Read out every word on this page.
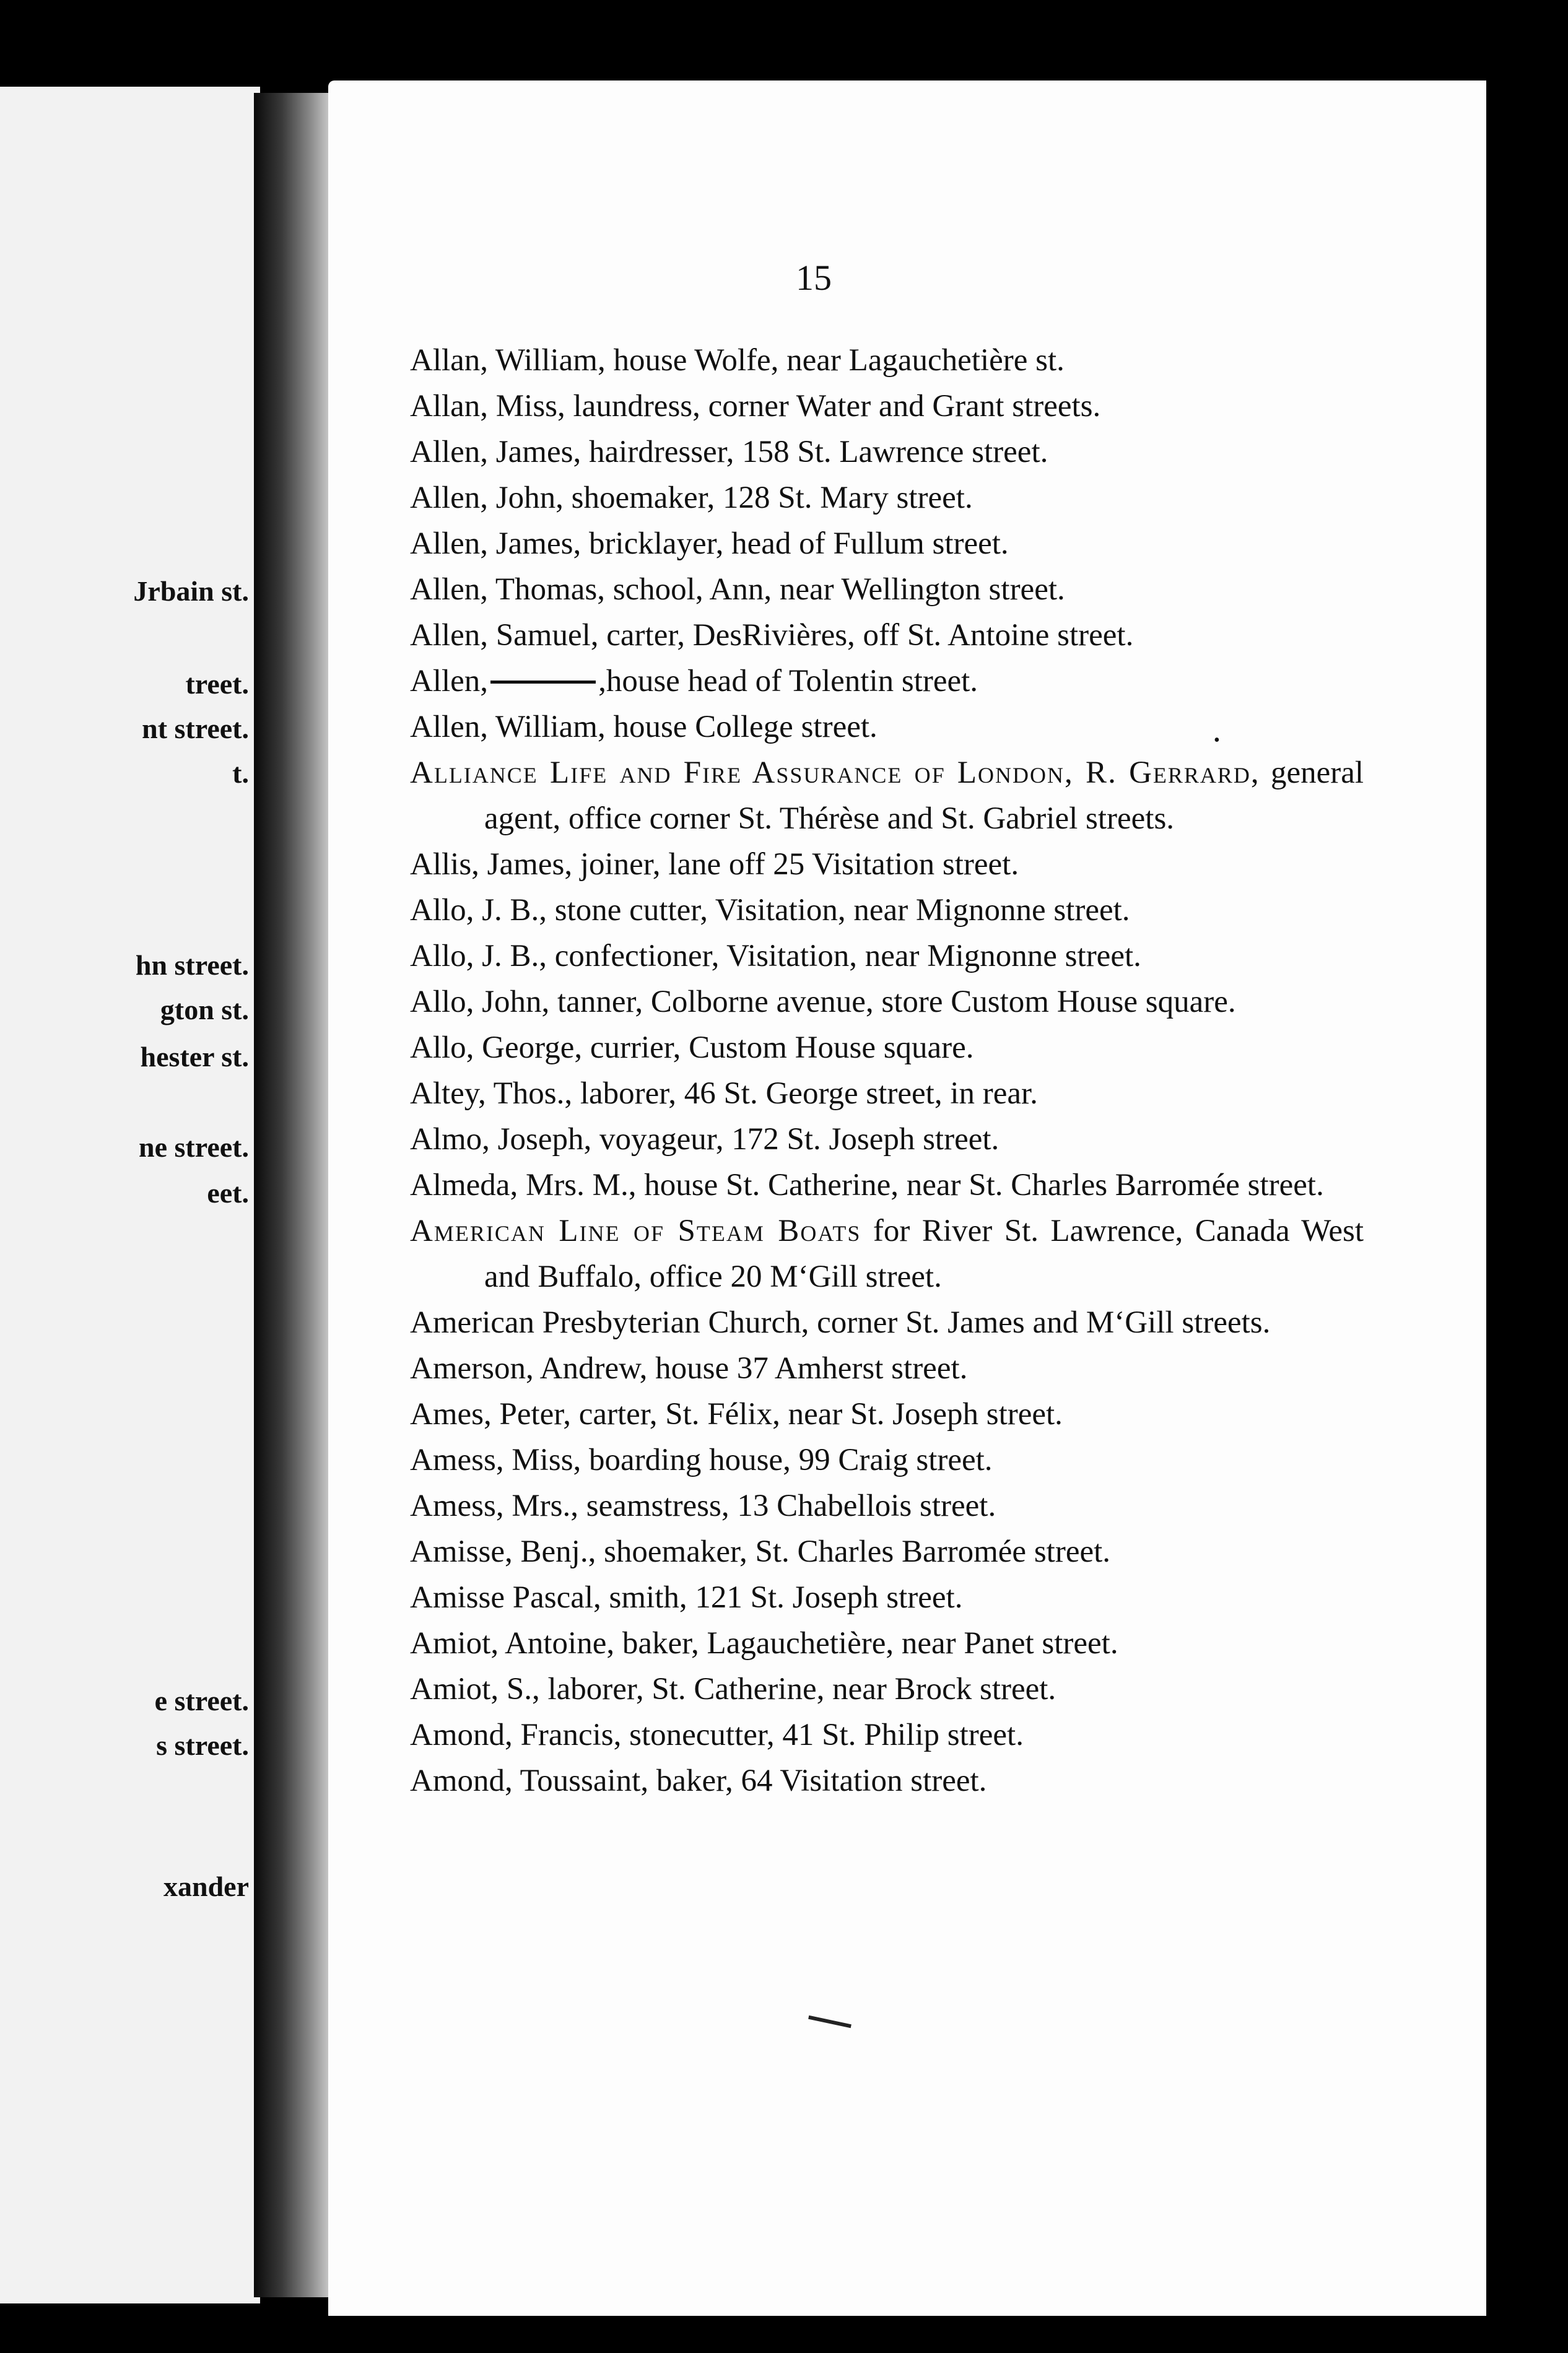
Jrbain st.
treet.
nt street.
t.
hn street.
gton st.
hester st.
ne street.
eet.
e street.
s street.
xander
15
•
Allan, William, house Wolfe, near Lagauchetière st.
Allan, Miss, laundress, corner Water and Grant streets.
Allen, James, hairdresser, 158 St. Lawrence street.
Allen, John, shoemaker, 128 St. Mary street.
Allen, James, bricklayer, head of Fullum street.
Allen, Thomas, school, Ann, near Wellington street.
Allen, Samuel, carter, DesRivières, off St. Antoine street.
Allen,	,house head of Tolentin street.
Allen, William, house College street.
Alliance Life and Fire Assurance of London, R. Gerrard, general agent, office corner St. Thérèse and St. Gabriel streets.
Allis, James, joiner, lane off 25 Visitation street.
Allo, J. B., stone cutter, Visitation, near Mignonne street.
Allo, J. B., confectioner, Visitation, near Mignonne street.
Allo, John, tanner, Colborne avenue, store Custom House square.
Allo, George, currier, Custom House square.
Altey, Thos., laborer, 46 St. George street, in rear.
Almo, Joseph, voyageur, 172 St. Joseph street.
Almeda, Mrs. M., house St. Catherine, near St. Charles Barromée street.
American Line of Steam Boats for River St. Lawrence, Canada West and Buffalo, office 20 M‘Gill street.
American Presbyterian Church, corner St. James and M‘Gill streets.
Amerson, Andrew, house 37 Amherst street.
Ames, Peter, carter, St. Félix, near St. Joseph street.
Amess, Miss, boarding house, 99 Craig street.
Amess, Mrs., seamstress, 13 Chabellois street.
Amisse, Benj., shoemaker, St. Charles Barromée street.
Amisse Pascal, smith, 121 St. Joseph street.
Amiot, Antoine, baker, Lagauchetière, near Panet street.
Amiot, S., laborer, St. Catherine, near Brock street.
Amond, Francis, stonecutter, 41 St. Philip street.
Amond, Toussaint, baker, 64 Visitation street.
